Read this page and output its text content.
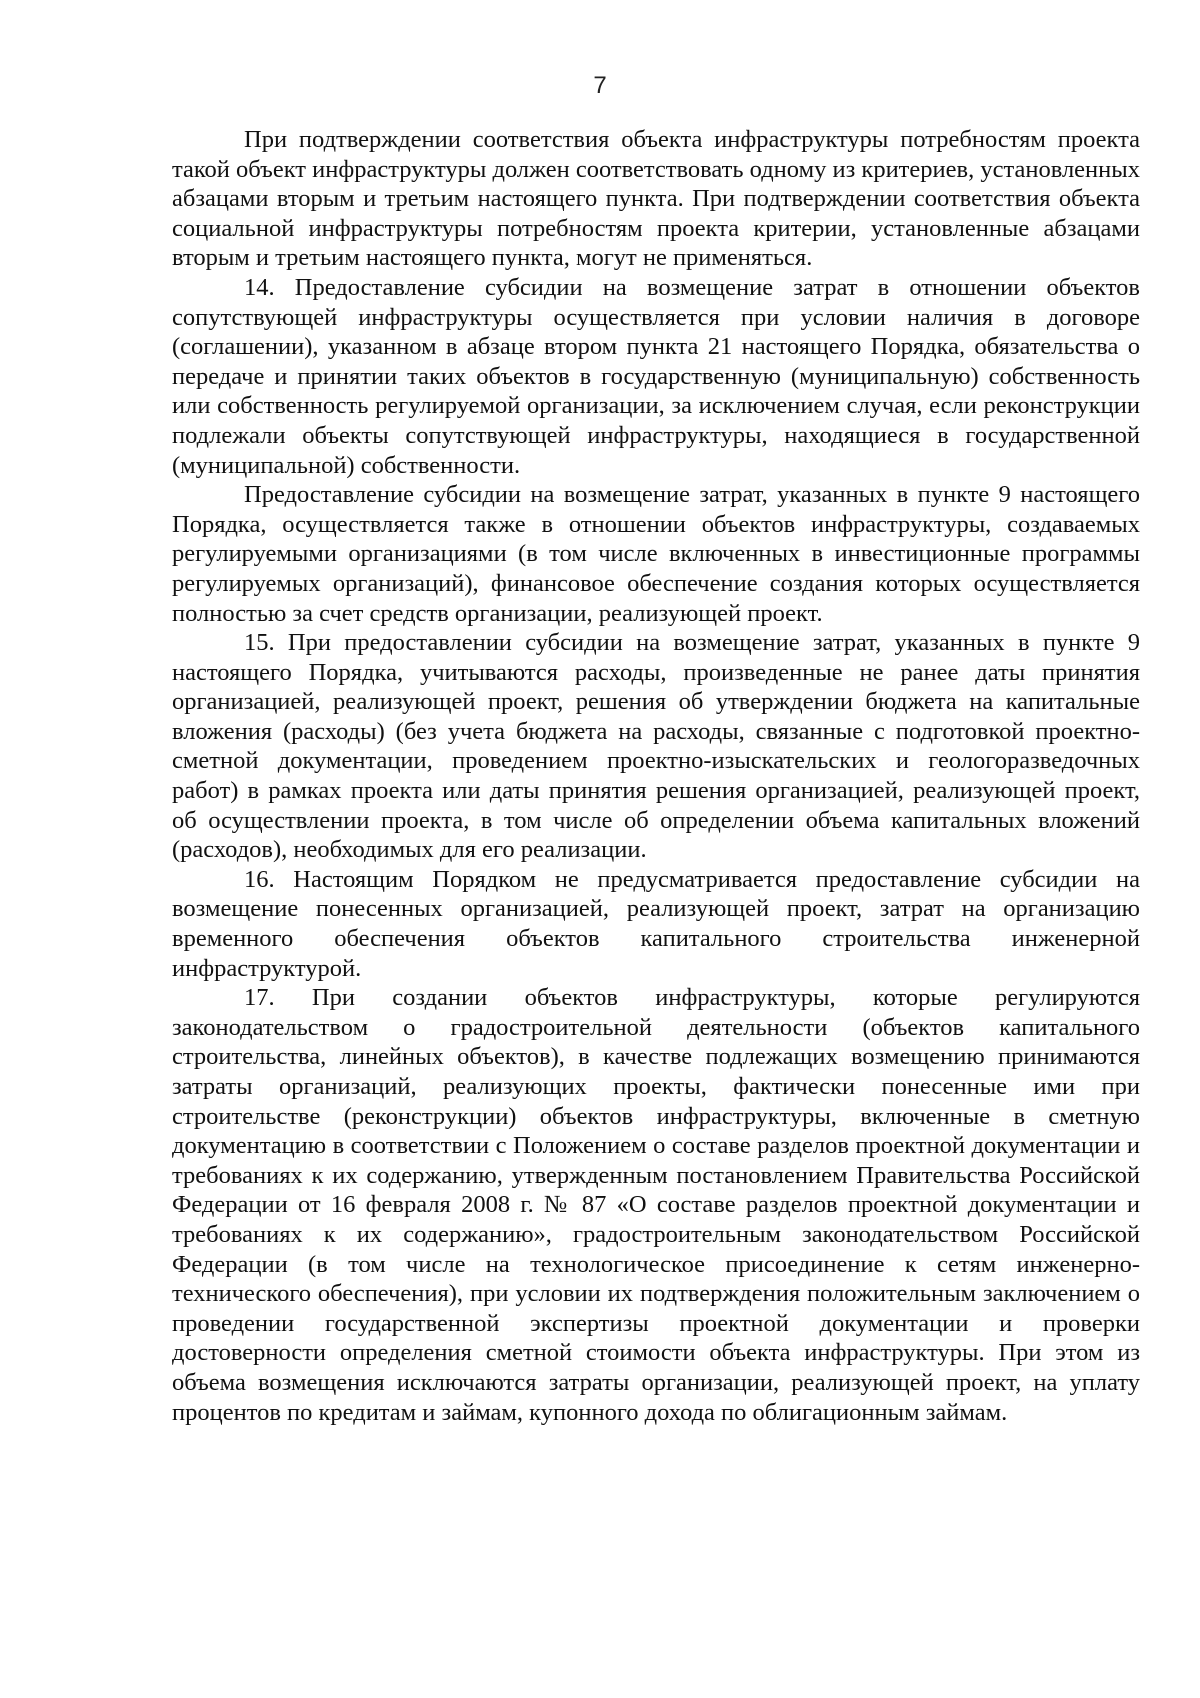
7

При подтверждении соответствия объекта инфраструктуры потребностям проекта такой объект инфраструктуры должен соответствовать одному из критериев, установленных абзацами вторым и третьим настоящего пункта. При подтверждении соответствия объекта социальной инфраструктуры потребностям проекта критерии, установленные абзацами вторым и третьим настоящего пункта, могут не применяться.

14. Предоставление субсидии на возмещение затрат в отношении объектов сопутствующей инфраструктуры осуществляется при условии наличия в договоре (соглашении), указанном в абзаце втором пункта 21 настоящего Порядка, обязательства о передаче и принятии таких объектов в государственную (муниципальную) собственность или собственность регулируемой организации, за исключением случая, если реконструкции подлежали объекты сопутствующей инфраструктуры, находящиеся в государственной (муниципальной) собственности.

Предоставление субсидии на возмещение затрат, указанных в пункте 9 настоящего Порядка, осуществляется также в отношении объектов инфраструктуры, создаваемых регулируемыми организациями (в том числе включенных в инвестиционные программы регулируемых организаций), финансовое обеспечение создания которых осуществляется полностью за счет средств организации, реализующей проект.

15. При предоставлении субсидии на возмещение затрат, указанных в пункте 9 настоящего Порядка, учитываются расходы, произведенные не ранее даты принятия организацией, реализующей проект, решения об утверждении бюджета на капитальные вложения (расходы) (без учета бюджета на расходы, связанные с подготовкой проектно-сметной документации, проведением проектно-изыскательских и геологоразведочных работ) в рамках проекта или даты принятия решения организацией, реализующей проект, об осуществлении проекта, в том числе об определении объема капитальных вложений (расходов), необходимых для его реализации.

16. Настоящим Порядком не предусматривается предоставление субсидии на возмещение понесенных организацией, реализующей проект, затрат на организацию временного обеспечения объектов капитального строительства инженерной инфраструктурой.

17. При создании объектов инфраструктуры, которые регулируются законодательством о градостроительной деятельности (объектов капитального строительства, линейных объектов), в качестве подлежащих возмещению принимаются затраты организаций, реализующих проекты, фактически понесенные ими при строительстве (реконструкции) объектов инфраструктуры, включенные в сметную документацию в соответствии с Положением о составе разделов проектной документации и требованиях к их содержанию, утвержденным постановлением Правительства Российской Федерации от 16 февраля 2008 г. № 87 «О составе разделов проектной документации и требованиях к их содержанию», градостроительным законодательством Российской Федерации (в том числе на технологическое присоединение к сетям инженерно-технического обеспечения), при условии их подтверждения положительным заключением о проведении государственной экспертизы проектной документации и проверки достоверности определения сметной стоимости объекта инфраструктуры. При этом из объема возмещения исключаются затраты организации, реализующей проект, на уплату процентов по кредитам и займам, купонного дохода по облигационным займам.
